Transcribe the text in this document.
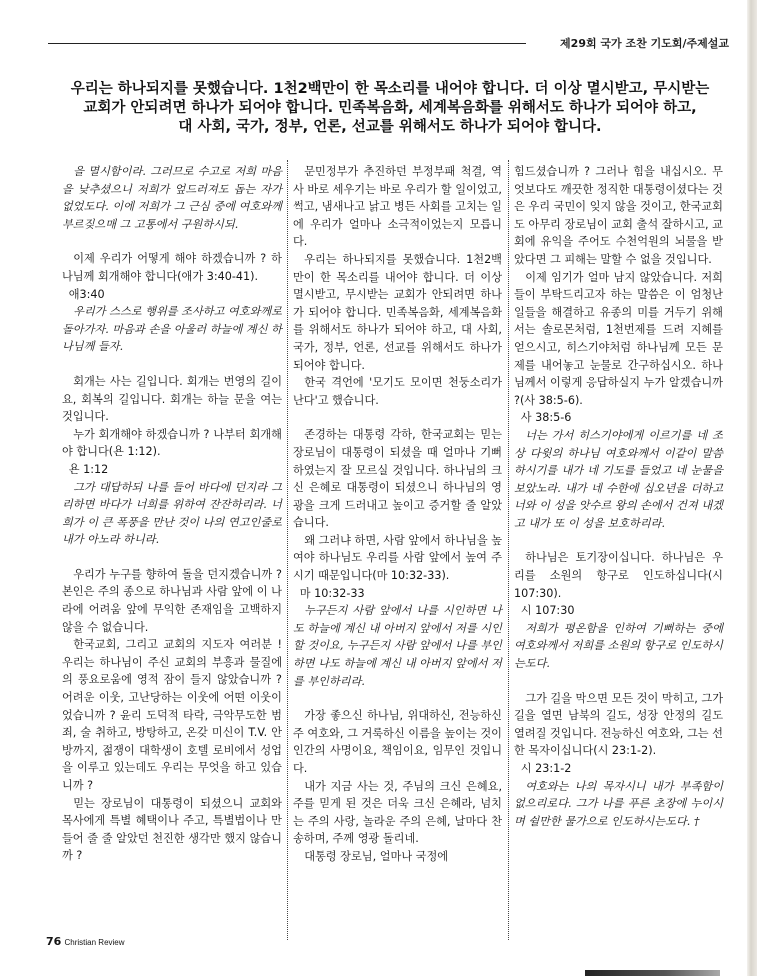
제29회 국가 조찬 기도회/주제설교
우리는 하나되지를 못했습니다. 1천2백만이 한 목소리를 내어야 합니다. 더 이상 멸시받고, 무시받는
교회가 안되려면 하나가 되어야 합니다. 민족복음화, 세계복음화를 위해서도 하나가 되어야 하고,
대 사회, 국가, 정부, 언론, 선교를 위해서도 하나가 되어야 합니다.

을 멸시함이라. 그러므로 수고로 저희 마음을 낮추셨으니 저희가 엎드러져도 돕는 자가 없었도다. 이에 저희가 그 근심 중에 여호와께 부르짖으매 그 고통에서 구원하시되.

이제 우리가 어떻게 해야 하겠습니까 ? 하나님께 회개해야 합니다(애가 3:40-41).

애3:40

우리가 스스로 행위를 조사하고 여호와께로 돌아가자. 마음과 손을 아울러 하늘에 계신 하나님께 들자.

회개는 사는 길입니다. 회개는 번영의 길이요, 회복의 길입니다. 회개는 하늘 문을 여는 것입니다.

누가 회개해야 하겠습니까 ? 나부터 회개해야 합니다(욘 1:12).

욘 1:12

그가 대답하되 나를 들어 바다에 던지라 그리하면 바다가 너희를 위하여 잔잔하리라. 너희가 이 큰 폭풍을 만난 것이 나의 연고인줄로 내가 아노라 하니라.

우리가 누구를 향하여 돌을 던지겠습니까 ? 본인은 주의 종으로 하나님과 사람 앞에 이 나라에 어려움 앞에 무익한 존재임을 고백하지 않을 수 없습니다.

한국교회, 그리고 교회의 지도자 여러분 ! 우리는 하나님이 주신 교회의 부흥과 물질에의 풍요로움에 영적 잠이 들지 않았습니까 ? 어려운 이웃, 고난당하는 이웃에 어떤 이웃이었습니까 ? 윤리 도덕적 타락, 극악무도한 범죄, 술 취하고, 방탕하고, 온갖 미신이 T.V. 안방까지, 젊쟁이 대학생이 호텔 로비에서 성업을 이루고 있는데도 우리는 무엇을 하고 있습니까 ?

믿는 장로님이 대통령이 되셨으니 교회와 목사에게 특별 혜택이나 주고, 특별법이나 만들어 줄 줄 알았던 천진한 생각만 했지 않습니까 ?

문민정부가 추진하던 부정부패 척결, 역사 바로 세우기는 바로 우리가 할 일이었고, 썩고, 냄새나고 낡고 병든 사회를 고치는 일에 우리가 얼마나 소극적이었는지 모릅니다.

우리는 하나되지를 못했습니다. 1천2백만이 한 목소리를 내어야 합니다. 더 이상 멸시받고, 무시받는 교회가 안되려면 하나가 되어야 합니다. 민족복음화, 세계복음화를 위해서도 하나가 되어야 하고, 대 사회, 국가, 정부, 언론, 선교를 위해서도 하나가 되어야 합니다.

한국 격언에 '모기도 모이면 천둥소리가 난다'고 했습니다.

존경하는 대통령 각하, 한국교회는 믿는 장로님이 대통령이 되셨을 때 얼마나 기뻐하였는지 잘 모르실 것입니다. 하나님의 크신 은혜로 대통령이 되셨으니 하나님의 영광을 크게 드러내고 높이고 증거할 줄 알았습니다.

왜 그러냐 하면, 사람 앞에서 하나님을 높여야 하나님도 우리를 사람 앞에서 높여 주시기 때문입니다(마 10:32-33).

마 10:32-33

누구든지 사람 앞에서 나를 시인하면 나도 하늘에 계신 내 아버지 앞에서 저를 시인할 것이요, 누구든지 사람 앞에서 나를 부인하면 나도 하늘에 계신 내 아버지 앞에서 저를 부인하리라.

가장 좋으신 하나님, 위대하신, 전능하신 주 여호와, 그 거룩하신 이름을 높이는 것이 인간의 사명이요, 책임이요, 임무인 것입니다.

내가 지금 사는 것, 주님의 크신 은혜요, 주를 믿게 된 것은 더욱 크신 은혜라, 넘치는 주의 사랑, 놀라운 주의 은혜, 날마다 찬송하며, 주께 영광 돌리네.

대통령 장로님, 얼마나 국정에

힘드셨습니까 ? 그러나 힘을 내십시오. 무엇보다도 깨끗한 정직한 대통령이셨다는 것은 우리 국민이 잊지 않을 것이고, 한국교회도 아무리 장로님이 교회 출석 잘하시고, 교회에 유익을 주어도 수천억원의 뇌물을 받았다면 그 피해는 말할 수 없을 것입니다.

이제 임기가 얼마 남지 않았습니다. 저희들이 부탁드리고자 하는 말씀은 이 엄청난 일들을 해결하고 유종의 미를 거두기 위해서는 솔로몬처럼, 1천번제를 드려 지혜를 얻으시고, 히스기야처럼 하나님께 모든 문제를 내어놓고 눈물로 간구하십시오. 하나님께서 이렇게 응답하실지 누가 알겠습니까 ?(사 38:5-6).

사 38:5-6

너는 가서 히스기야에게 이르기를 네 조상 다윗의 하나님 여호와께서 이같이 말씀하시기를 내가 네 기도를 들었고 네 눈물을 보았노라. 내가 네 수한에 십오년을 더하고 너와 이 성을 앗수르 왕의 손에서 건져 내겠고 내가 또 이 성을 보호하리라.

하나님은 토기장이십니다. 하나님은 우리를 소원의 항구로 인도하십니다(시 107:30).

시 107:30

저희가 평온함을 인하여 기뻐하는 중에 여호와께서 저희를 소원의 항구로 인도하시는도다.

그가 길을 막으면 모든 것이 막히고, 그가 길을 열면 남북의 길도, 성장 안정의 길도 열려질 것입니다. 전능하신 여호와, 그는 선한 목자이십니다(시 23:1-2).

시 23:1-2

여호와는 나의 목자시니 내가 부족함이 없으리로다. 그가 나를 푸른 초장에 누이시며 쉴만한 물가으로 인도하시는도다. †

76 Christian Review
